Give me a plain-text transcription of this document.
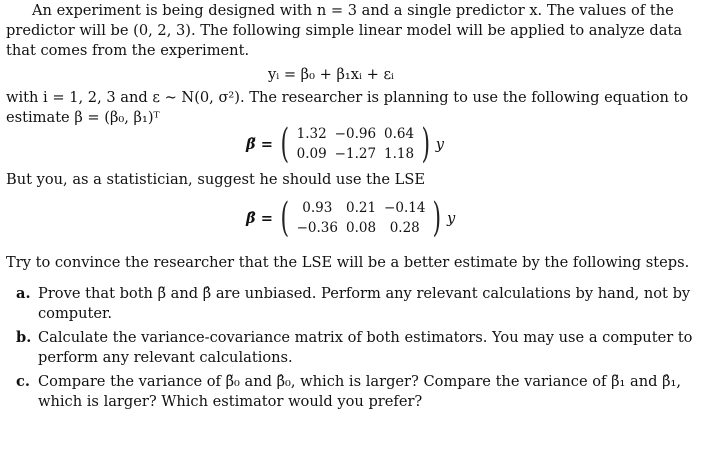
An experiment is being designed with n = 3 and a single predictor x. The values of the predictor will be (0, 2, 3). The following simple linear model will be applied to analyze data that comes from the experiment.
yᵢ = β₀ + β₁xᵢ + εᵢ
with i = 1, 2, 3 and ε ~ N(0, σ²). The researcher is planning to use the following equation to estimate β = (β₀, β₁)ᵀ
β̃ = ( 1.32	−0.96	0.64
0.09	−1.27	1.18 ) y
But you, as a statistician, suggest he should use the LSE
β̂ = ( 0.93	0.21	−0.14
−0.36	0.08	0.28 ) y
Try to convince the researcher that the LSE will be a better estimate by the following steps.
a. Prove that both β̃ and β̂ are unbiased. Perform any relevant calculations by hand, not by computer.
b. Calculate the variance-covariance matrix of both estimators. You may use a computer to perform any relevant calculations.
c. Compare the variance of β̃₀ and β̂₀, which is larger? Compare the variance of β̃₁ and β̂₁, which is larger? Which estimator would you prefer?
